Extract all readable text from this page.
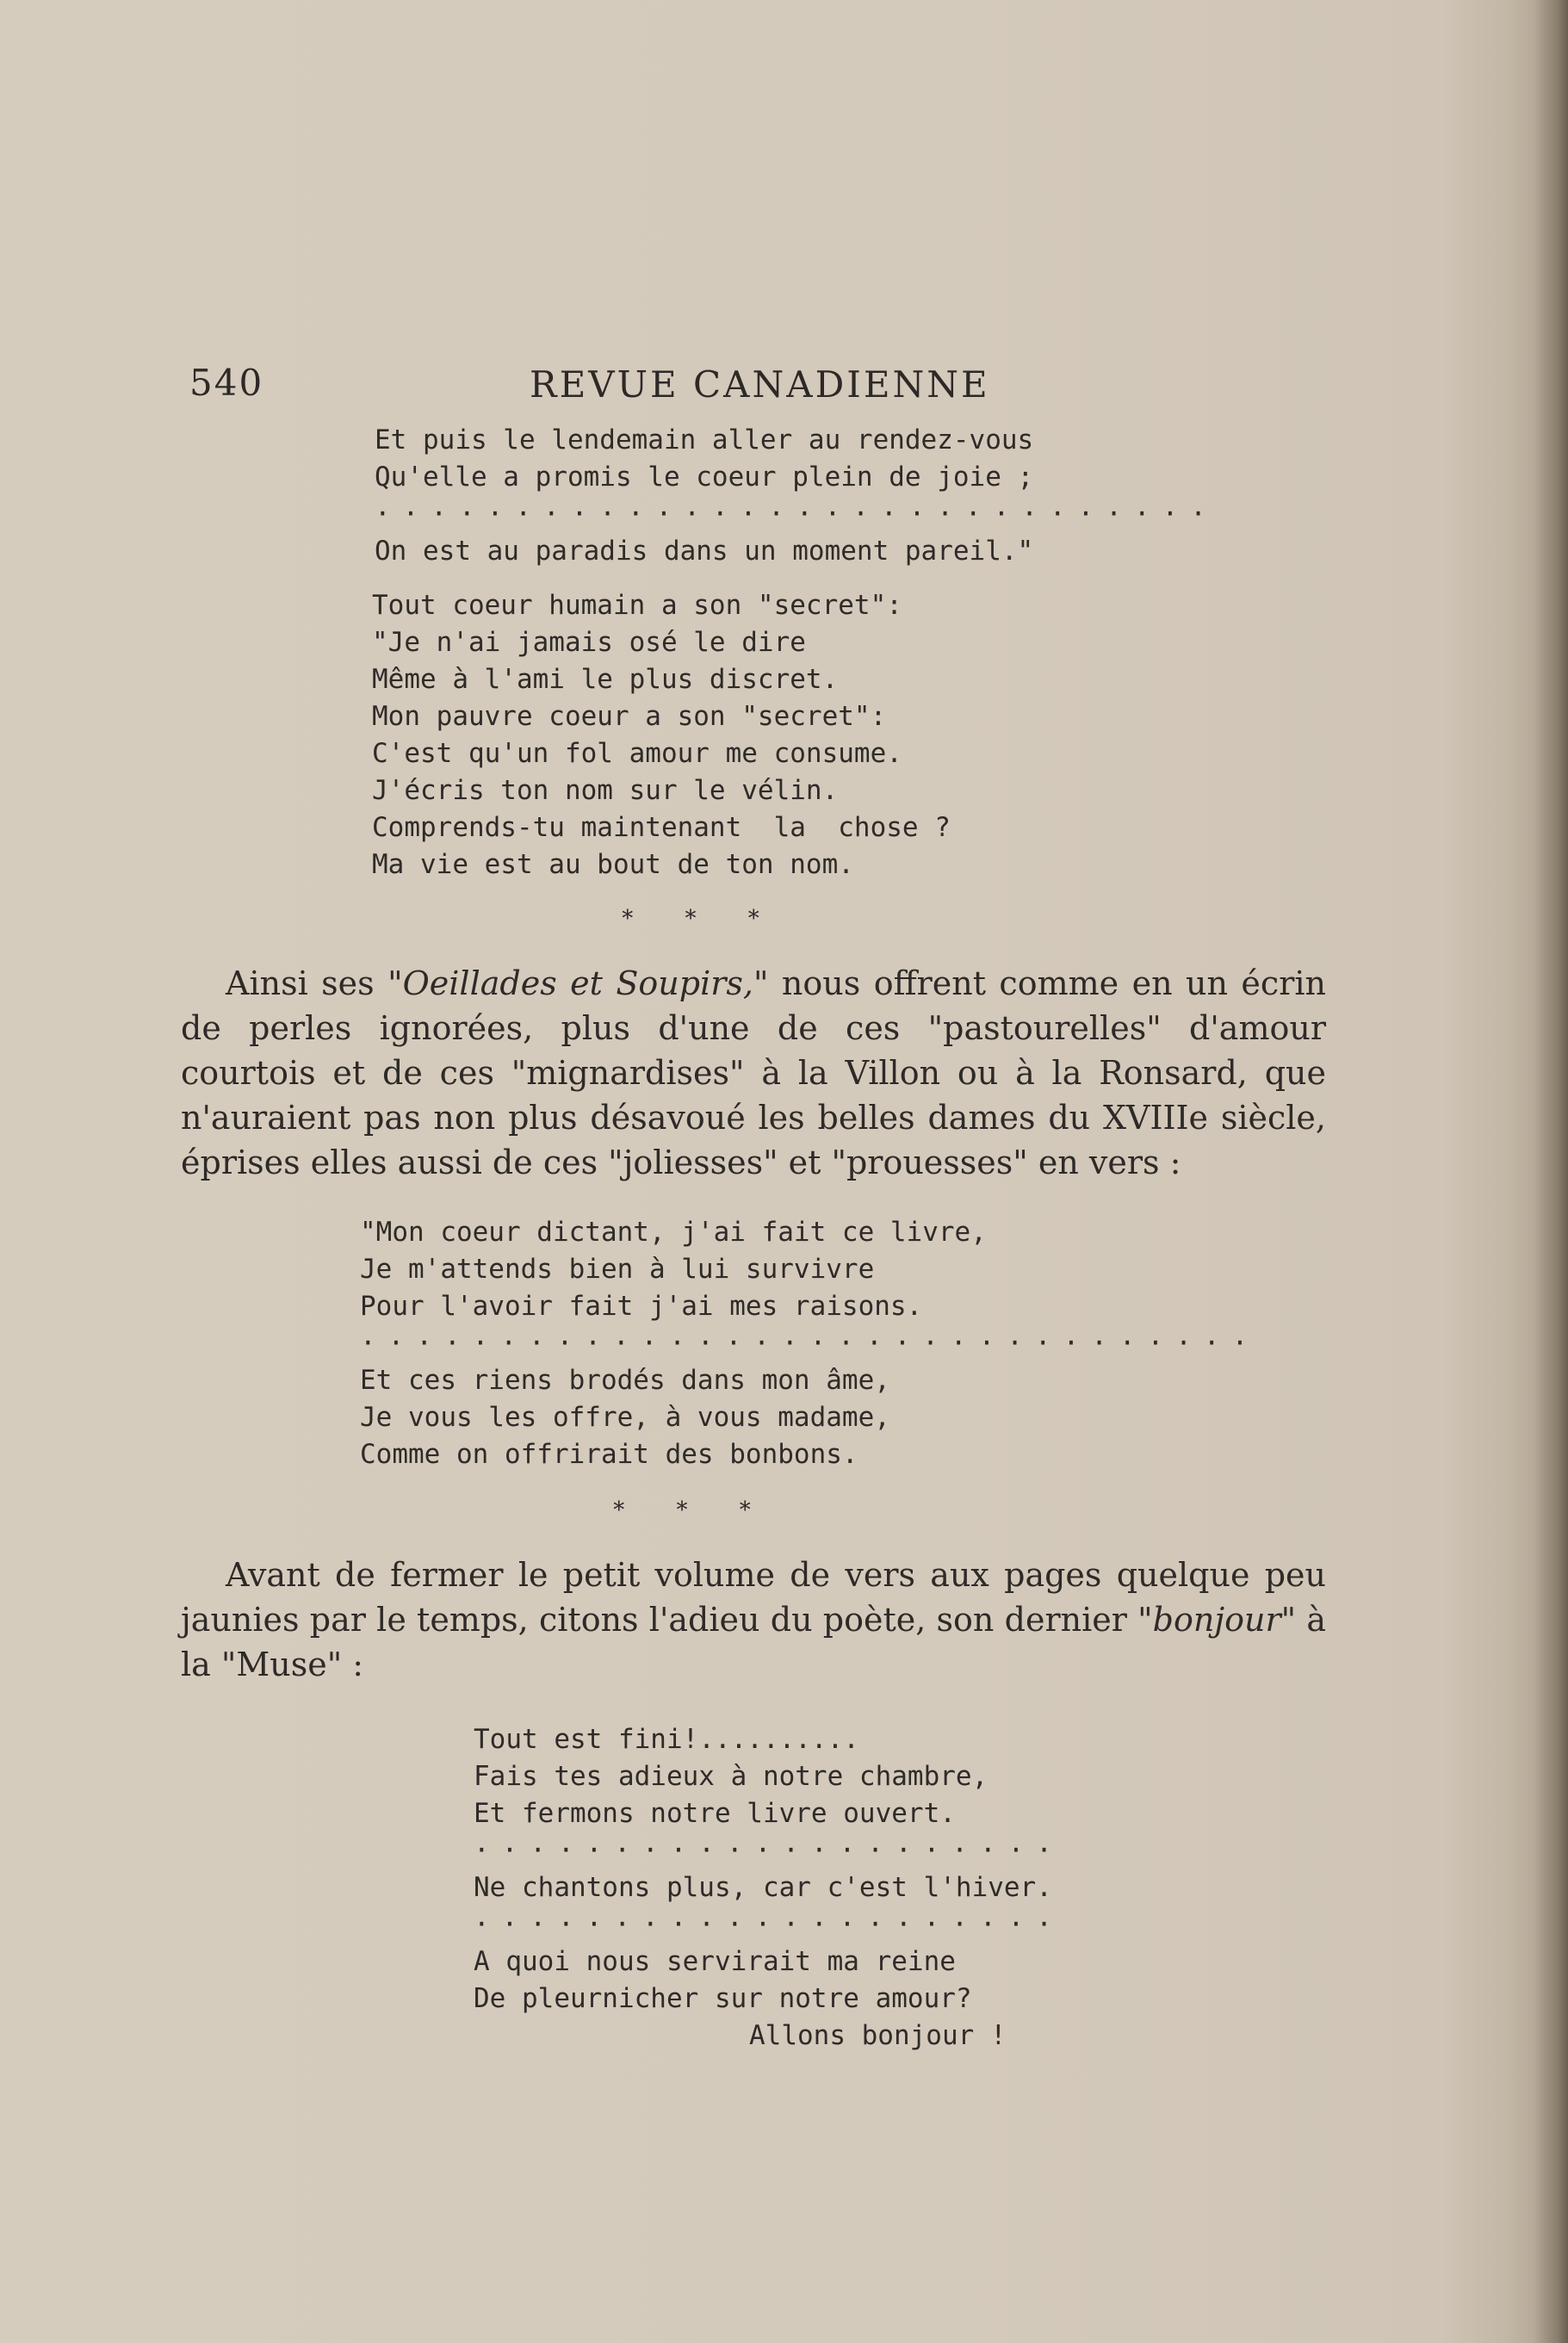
540	REVUE CANADIENNE
Et puis le lendemain aller au rendez-vous
Qu'elle a promis le coeur plein de joie ;
······························
On est au paradis dans un moment pareil."
Tout coeur humain a son "secret":
"Je n'ai jamais osé le dire
Même à l'ami le plus discret.
Mon pauvre coeur a son "secret":
C'est qu'un fol amour me consume.
J'écris ton nom sur le vélin.
Comprends-tu maintenant  la  chose ?
Ma vie est au bout de ton nom.
* * *

Ainsi ses "Oeillades et Soupirs," nous offrent comme en un écrin de perles ignorées, plus d'une de ces "pastourelles" d'amour courtois et de ces "mignardises" à la Villon ou à la Ronsard, que n'auraient pas non plus désavoué les belles dames du XVIIIe siècle, éprises elles aussi de ces "joliesses" et "prouesses" en vers :

"Mon coeur dictant, j'ai fait ce livre,
Je m'attends bien à lui survivre
Pour l'avoir fait j'ai mes raisons.
································
Et ces riens brodés dans mon âme,
Je vous les offre, à vous madame,
Comme on offrirait des bonbons.
* * *

Avant de fermer le petit volume de vers aux pages quelque peu jaunies par le temps, citons l'adieu du poète, son dernier "bonjour" à la "Muse" :

Tout est fini!..........
Fais tes adieux à notre chambre,
Et fermons notre livre ouvert.
·····················
Ne chantons plus, car c'est l'hiver.
·····················
A quoi nous servirait ma reine
De pleurnicher sur notre amour?
Allons bonjour !
